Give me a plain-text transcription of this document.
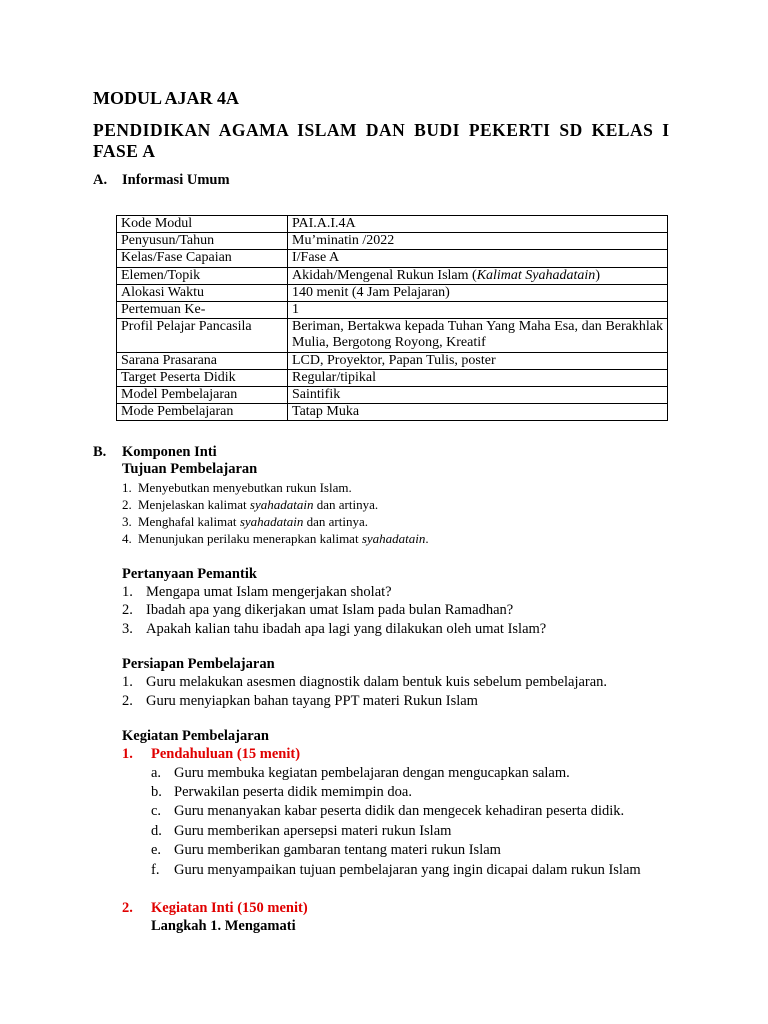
MODUL AJAR 4A
PENDIDIKAN AGAMA ISLAM DAN BUDI PEKERTI SD KELAS I
FASE A
A. Informasi Umum
Kode Modul	PAI.A.I.4A
Penyusun/Tahun	Mu’minatin /2022
Kelas/Fase Capaian	I/Fase A
Elemen/Topik	Akidah/Mengenal Rukun Islam (Kalimat Syahadatain)
Alokasi Waktu	140 menit (4 Jam Pelajaran)
Pertemuan Ke-	1
Profil Pelajar Pancasila	Beriman, Bertakwa kepada Tuhan Yang Maha Esa, dan Berakhlak Mulia, Bergotong Royong, Kreatif
Sarana Prasarana	LCD, Proyektor, Papan Tulis, poster
Target Peserta Didik	Regular/tipikal
Model Pembelajaran	Saintifik
Mode Pembelajaran	Tatap Muka
B. Komponen Inti
Tujuan Pembelajaran
1. Menyebutkan menyebutkan rukun Islam.
2. Menjelaskan kalimat syahadatain dan artinya.
3. Menghafal kalimat syahadatain dan artinya.
4. Menunjukan perilaku menerapkan kalimat syahadatain.
Pertanyaan Pemantik
1. Mengapa umat Islam mengerjakan sholat?
2. Ibadah apa yang dikerjakan umat Islam pada bulan Ramadhan?
3. Apakah kalian tahu ibadah apa lagi yang dilakukan oleh umat Islam?
Persiapan Pembelajaran
1. Guru melakukan asesmen diagnostik dalam bentuk kuis sebelum pembelajaran.
2. Guru menyiapkan bahan tayang PPT materi Rukun Islam
Kegiatan Pembelajaran
1. Pendahuluan (15 menit)
a. Guru membuka kegiatan pembelajaran dengan mengucapkan salam.
b. Perwakilan peserta didik memimpin doa.
c. Guru menanyakan kabar peserta didik dan mengecek kehadiran peserta didik.
d. Guru memberikan apersepsi materi rukun Islam
e. Guru memberikan gambaran tentang materi rukun Islam
f. Guru menyampaikan tujuan pembelajaran yang ingin dicapai dalam rukun Islam
2. Kegiatan Inti (150 menit)
Langkah 1. Mengamati
